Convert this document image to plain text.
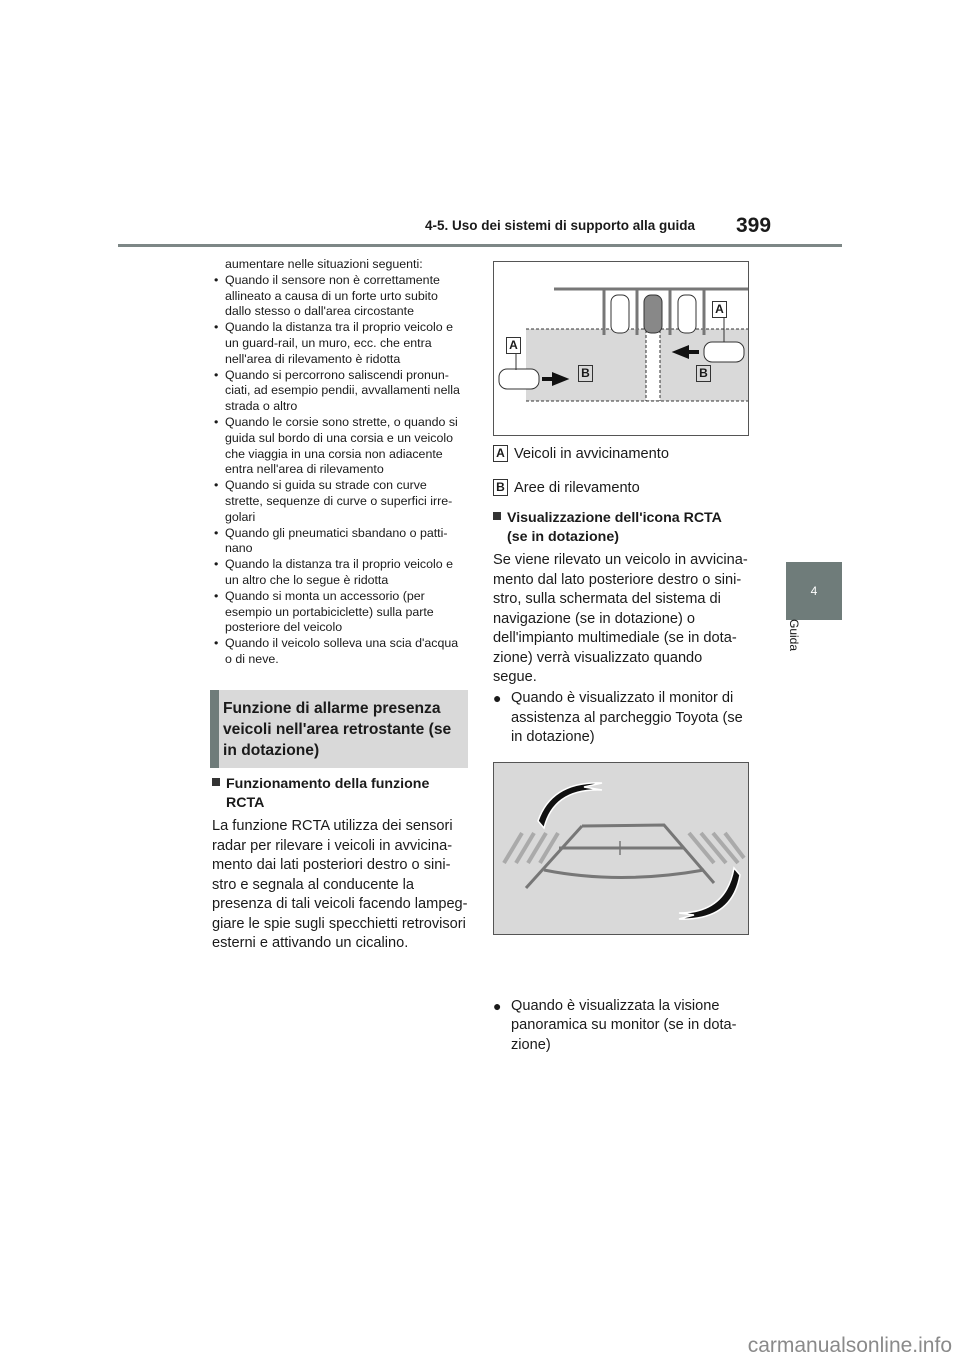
4-5. Uso dei sistemi di supporto alla guida 399
4
Guida
aumentare nelle situazioni seguenti:
• Quando il sensore non è correttamente
allineato a causa di un forte urto subito
dallo stesso o dall'area circostante
• Quando la distanza tra il proprio veicolo e
un guard-rail, un muro, ecc. che entra
nell'area di rilevamento è ridotta
• Quando si percorrono saliscendi pronun-
ciati, ad esempio pendii, avvallamenti nella
strada o altro
• Quando le corsie sono strette, o quando si
guida sul bordo di una corsia e un veicolo
che viaggia in una corsia non adiacente
entra nell'area di rilevamento
• Quando si guida su strade con curve
strette, sequenze di curve o superfici irre-
golari
• Quando gli pneumatici sbandano o patti-
nano
• Quando la distanza tra il proprio veicolo e
un altro che lo segue è ridotta
• Quando si monta un accessorio (per
esempio un portabiciclette) sulla parte
posteriore del veicolo
• Quando il veicolo solleva una scia d'acqua
o di neve.
Funzione di allarme presenza
veicoli nell'area retrostante (se
in dotazione)
Funzionamento della funzione
RCTA
La funzione RCTA utilizza dei sensori
radar per rilevare i veicoli in avvicina-
mento dai lati posteriori destro o sini-
stro e segnala al conducente la
presenza di tali veicoli facendo lampeg-
giare le spie sugli specchietti retrovisori
esterni e attivando un cicalino.
A
A
B	B
A Veicoli in avvicinamento
B Aree di rilevamento
Visualizzazione dell'icona RCTA
(se in dotazione)
Se viene rilevato un veicolo in avvicina-
mento dal lato posteriore destro o sini-
stro, sulla schermata del sistema di
navigazione (se in dotazione) o
dell'impianto multimediale (se in dota-
zione) verrà visualizzato quando
segue.
● Quando è visualizzato il monitor di
assistenza al parcheggio Toyota (se
in dotazione)
● Quando è visualizzata la visione
panoramica su monitor (se in dota-
zione)
carmanualsonline.info
